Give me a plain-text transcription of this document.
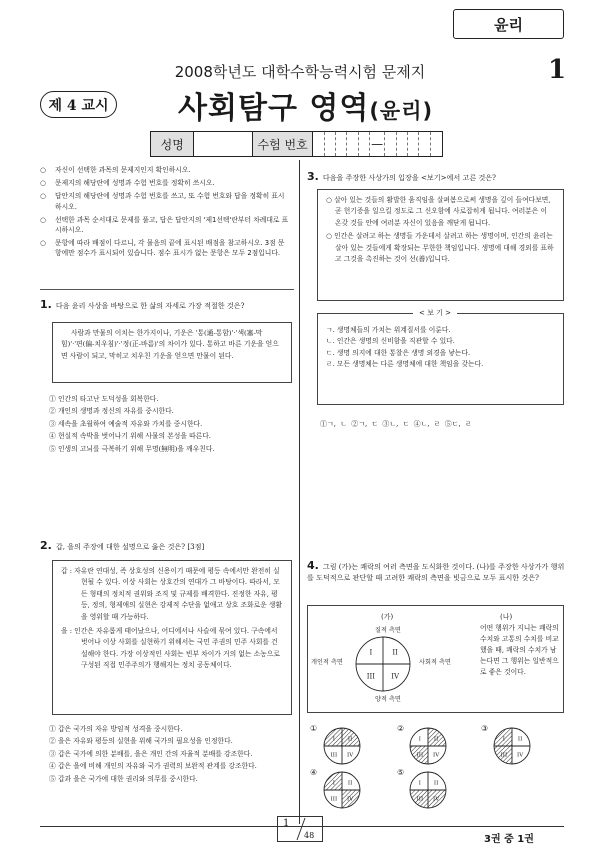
윤리
2008학년도 대학수학능력시험 문제지	1
제 4 교시 사회탐구 영역(윤리)
성명	수험 번호	—
○ 자신이 선택한 과목의 문제지인지 확인하시오.
○ 문제지의 해당란에 성명과 수험 번호를 정확히 쓰시오.
○ 답안지의 해당란에 성명과 수험 번호를 쓰고, 또 수험 번호와 답을 정확히 표시하시오.
○ 선택한 과목 순서대로 문제를 풀고, 답은 답안지의 '제1선택'란부터 차례대로 표시하시오.
○ 문항에 따라 배점이 다르니, 각 물음의 끝에 표시된 배점을 참고하시오. 3점 문항에만 점수가 표시되어 있습니다. 점수 표시가 없는 문항은 모두 2점입니다.
1. 다음 윤리 사상을 바탕으로 한 삶의 자세로 가장 적절한 것은?
사람과 만물의 이치는 한가지이나, 기운은 '통(通-통함)'·'색(塞-막힘)'·'편(偏-치우침)'·'정(正-바름)'의 차이가 있다. 통하고 바른 기운을 얻으면 사람이 되고, 막히고 치우친 기운을 얻으면 만물이 된다.
① 인간의 타고난 도덕성을 회복한다.
② 개인의 생명과 정신의 자유를 중시한다.
③ 세속을 초월하여 예술적 자유와 가치를 중시한다.
④ 현실적 속박을 벗어나기 위해 사물의 본성을 따른다.
⑤ 인생의 고뇌를 극복하기 위해 무명(無明)을 깨우친다.
2. 갑, 을의 주장에 대한 설명으로 옳은 것은? [3점]
갑 : 자유란 연대성, 즉 상호성의 신용이기 때문에 평등 속에서만 완전히 실현될 수 있다. 이상 사회는 상호간의 연대가 그 바탕이다. 따라서, 모든 형태의 정치적 권위와 조직 및 규제를 배격한다. 진정한 자유, 평등, 정의, 형제애의 실현은 강제적 수단을 없애고 상호 조화로운 생활을 영위할 때 가능하다.
을 : 인간은 자유롭게 태어났으나, 어디에서나 사슬에 묶여 있다. 구속에서 벗어나 이상 사회를 실현하기 위해서는 국민 주권의 민주 사회를 건설해야 한다. 가장 이상적인 사회는 빈부 차이가 거의 없는 소농으로 구성된 직접 민주주의가 행해지는 정치 공동체이다.
① 갑은 국가의 자유 방임적 성격을 중시한다.
② 을은 자유와 평등의 실현을 위해 국가의 필요성을 인정한다.
③ 갑은 국가에 의한 분배를, 을은 개인 간의 자율적 분배를 강조한다.
④ 갑은 을에 비해 개인의 자유와 국가 권력의 보완적 관계를 강조한다.
⑤ 갑과 을은 국가에 대한 권리와 의무를 중시한다.
3. 다음을 주장한 사상가의 입장을 <보기>에서 고른 것은?
○ 살아 있는 것들의 활발한 움직임을 살펴봄으로써 생명을 깊이 들여다보면, 곧 헌기증을 일으킬 정도로 그 신오함에 사로잡히게 됩니다. 여러분은 이 온갖 것들 안에 여러분 자신이 있음을 깨닫게 됩니다.
○ 인간은 살려고 하는 생명들 가운데서 살려고 하는 생명이며, 인간의 윤리는 살아 있는 것들에게 확장되는 무한한 책임입니다. 생명에 대해 경외를 표하고 그것을 촉진하는 것이 선(善)입니다.
ㄱ. 생명체들의 가치는 위계질서를 이룬다.
ㄴ. 인간은 생명의 신비함을 직관할 수 있다.
ㄷ. 생명 의지에 대한 통찰은 생명 외경을 낳는다.
ㄹ. 모든 생명체는 다른 생명체에 대한 책임을 갖는다.
< 보 기 >
①ㄱ, ㄴ ②ㄱ, ㄷ ③ㄴ, ㄷ ④ㄴ, ㄹ ⑤ㄷ, ㄹ
4. 그림 (가)는 쾌락의 여러 측면을 도식화한 것이다. (나)를 주장한 사상가가 행위를 도덕적으로 판단할 때 고려한 쾌락의 측면을 빗금으로 모두 표시한 것은?
(가)	(나)
질적 측면
개인적 측면	사회적 측면
양적 측면
I	II
III IV
I II
III IV
I II
III IV
I II
III IV
I II
III IV
I II
III IV
어떤 행위가 지니는 쾌락의 수치와 고통의 수치를 비교했을 때, 쾌락의 수치가 남는다면 그 행위는 일반적으로 좋은 것이다.
①	②	③
④	⑤
1
48	3권 중 1권
